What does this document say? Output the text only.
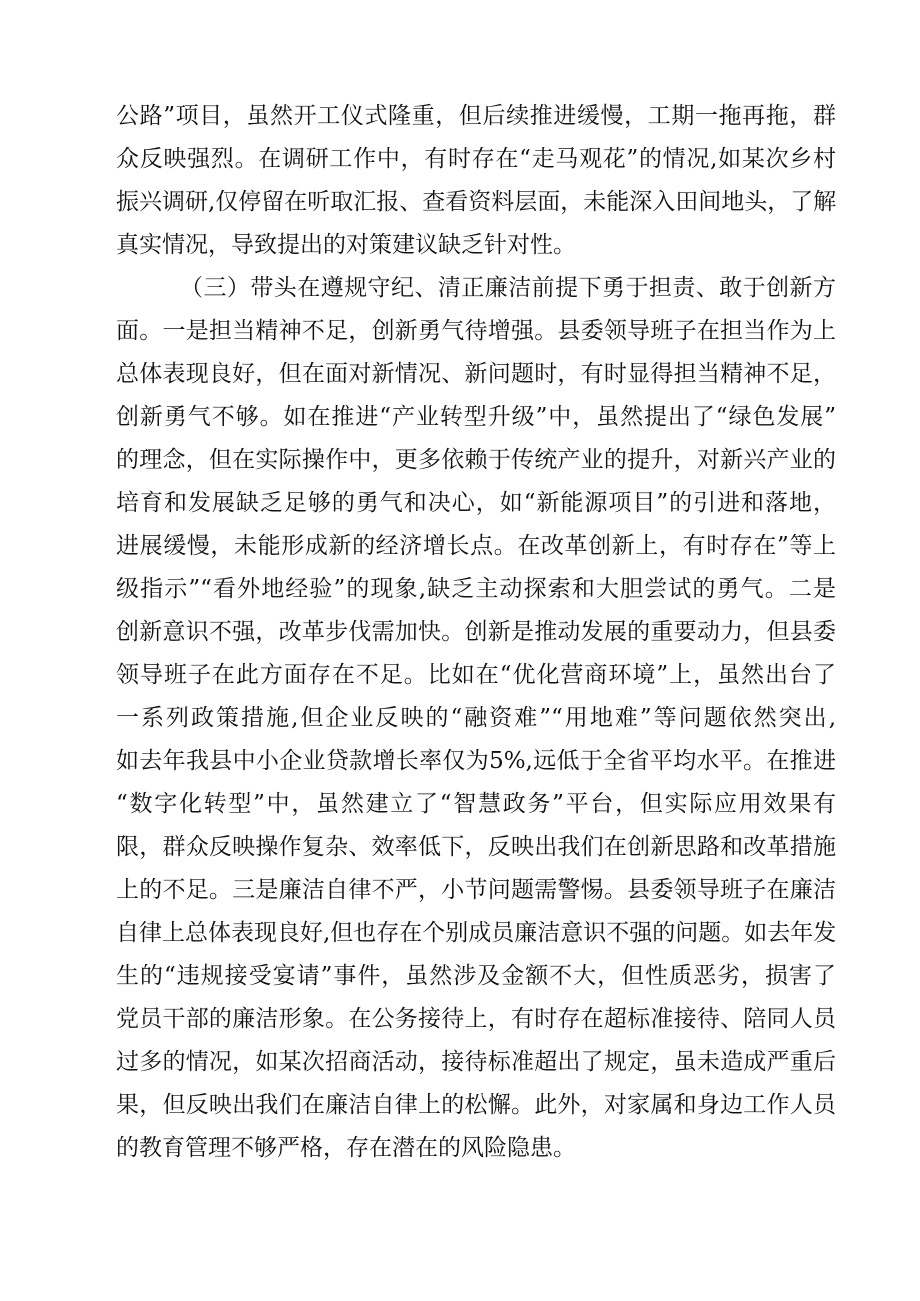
公路”项目，虽然开工仪式隆重，但后续推进缓慢，工期一拖再拖，群
众反映强烈。在调研工作中，有时存在“走马观花”的情况,如某次乡村
振兴调研,仅停留在听取汇报、查看资料层面，未能深入田间地头，了解
真实情况，导致提出的对策建议缺乏针对性。
（三）带头在遵规守纪、清正廉洁前提下勇于担责、敢于创新方
面。一是担当精神不足，创新勇气待增强。县委领导班子在担当作为上
总体表现良好，但在面对新情况、新问题时，有时显得担当精神不足，
创新勇气不够。如在推进“产业转型升级”中，虽然提出了“绿色发展”
的理念，但在实际操作中，更多依赖于传统产业的提升，对新兴产业的
培育和发展缺乏足够的勇气和决心，如“新能源项目”的引进和落地，
进展缓慢，未能形成新的经济增长点。在改革创新上，有时存在”等上
级指示”“看外地经验”的现象,缺乏主动探索和大胆尝试的勇气。二是
创新意识不强，改革步伐需加快。创新是推动发展的重要动力，但县委
领导班子在此方面存在不足。比如在“优化营商环境”上，虽然出台了
一系列政策措施,但企业反映的“融资难”“用地难”等问题依然突出,
如去年我县中小企业贷款增长率仅为5%,远低于全省平均水平。在推进
“数字化转型”中，虽然建立了“智慧政务”平台，但实际应用效果有
限，群众反映操作复杂、效率低下，反映出我们在创新思路和改革措施
上的不足。三是廉洁自律不严，小节问题需警惕。县委领导班子在廉洁
自律上总体表现良好,但也存在个别成员廉洁意识不强的问题。如去年发
生的“违规接受宴请”事件，虽然涉及金额不大，但性质恶劣，损害了
党员干部的廉洁形象。在公务接待上，有时存在超标准接待、陪同人员
过多的情况，如某次招商活动，接待标准超出了规定，虽未造成严重后
果，但反映出我们在廉洁自律上的松懈。此外，对家属和身边工作人员
的教育管理不够严格，存在潜在的风险隐患。
